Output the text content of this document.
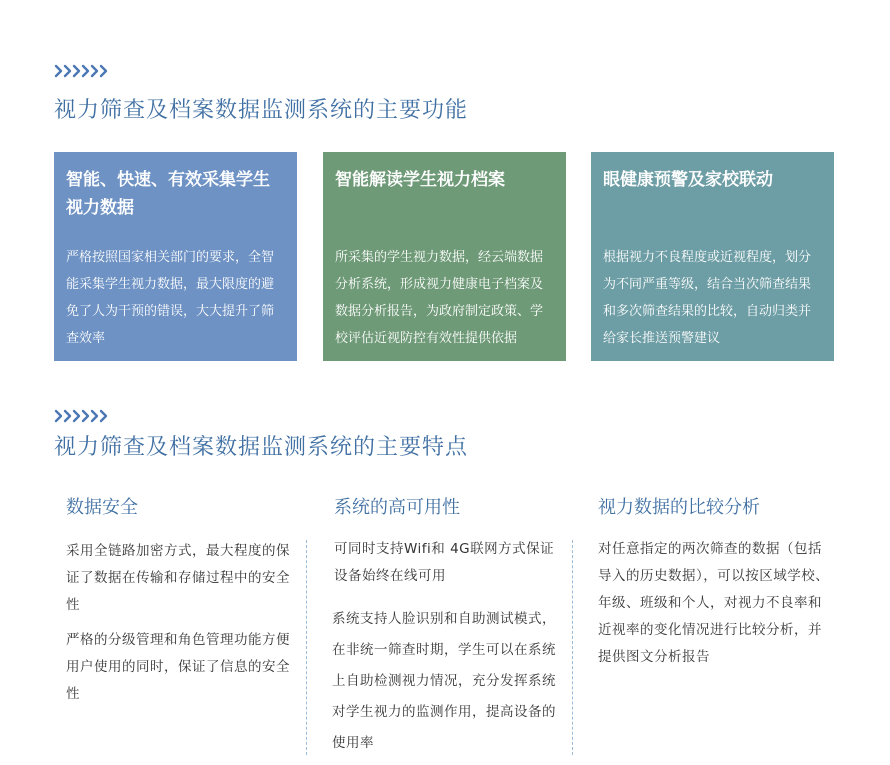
视力筛查及档案数据监测系统的主要功能
智能、快速、有效采集学生视力数据
严格按照国家相关部门的要求，全智能采集学生视力数据，最大限度的避免了人为干预的错误，大大提升了筛查效率
智能解读学生视力档案
所采集的学生视力数据，经云端数据分析系统，形成视力健康电子档案及数据分析报告，为政府制定政策、学校评估近视防控有效性提供依据
眼健康预警及家校联动
根据视力不良程度或近视程度，划分为不同严重等级，结合当次筛查结果和多次筛查结果的比较，自动归类并给家长推送预警建议
视力筛查及档案数据监测系统的主要特点
数据安全
采用全链路加密方式，最大程度的保证了数据在传输和存储过程中的安全性
严格的分级管理和角色管理功能方便用户使用的同时，保证了信息的安全性
系统的高可用性
可同时支持Wifi和 4G联网方式保证设备始终在线可用
系统支持人脸识别和自助测试模式，在非统一筛查时期，学生可以在系统上自助检测视力情况，充分发挥系统对学生视力的监测作用，提高设备的使用率
视力数据的比较分析
对任意指定的两次筛查的数据（包括导入的历史数据），可以按区域学校、年级、班级和个人，对视力不良率和近视率的变化情况进行比较分析，并提供图文分析报告
